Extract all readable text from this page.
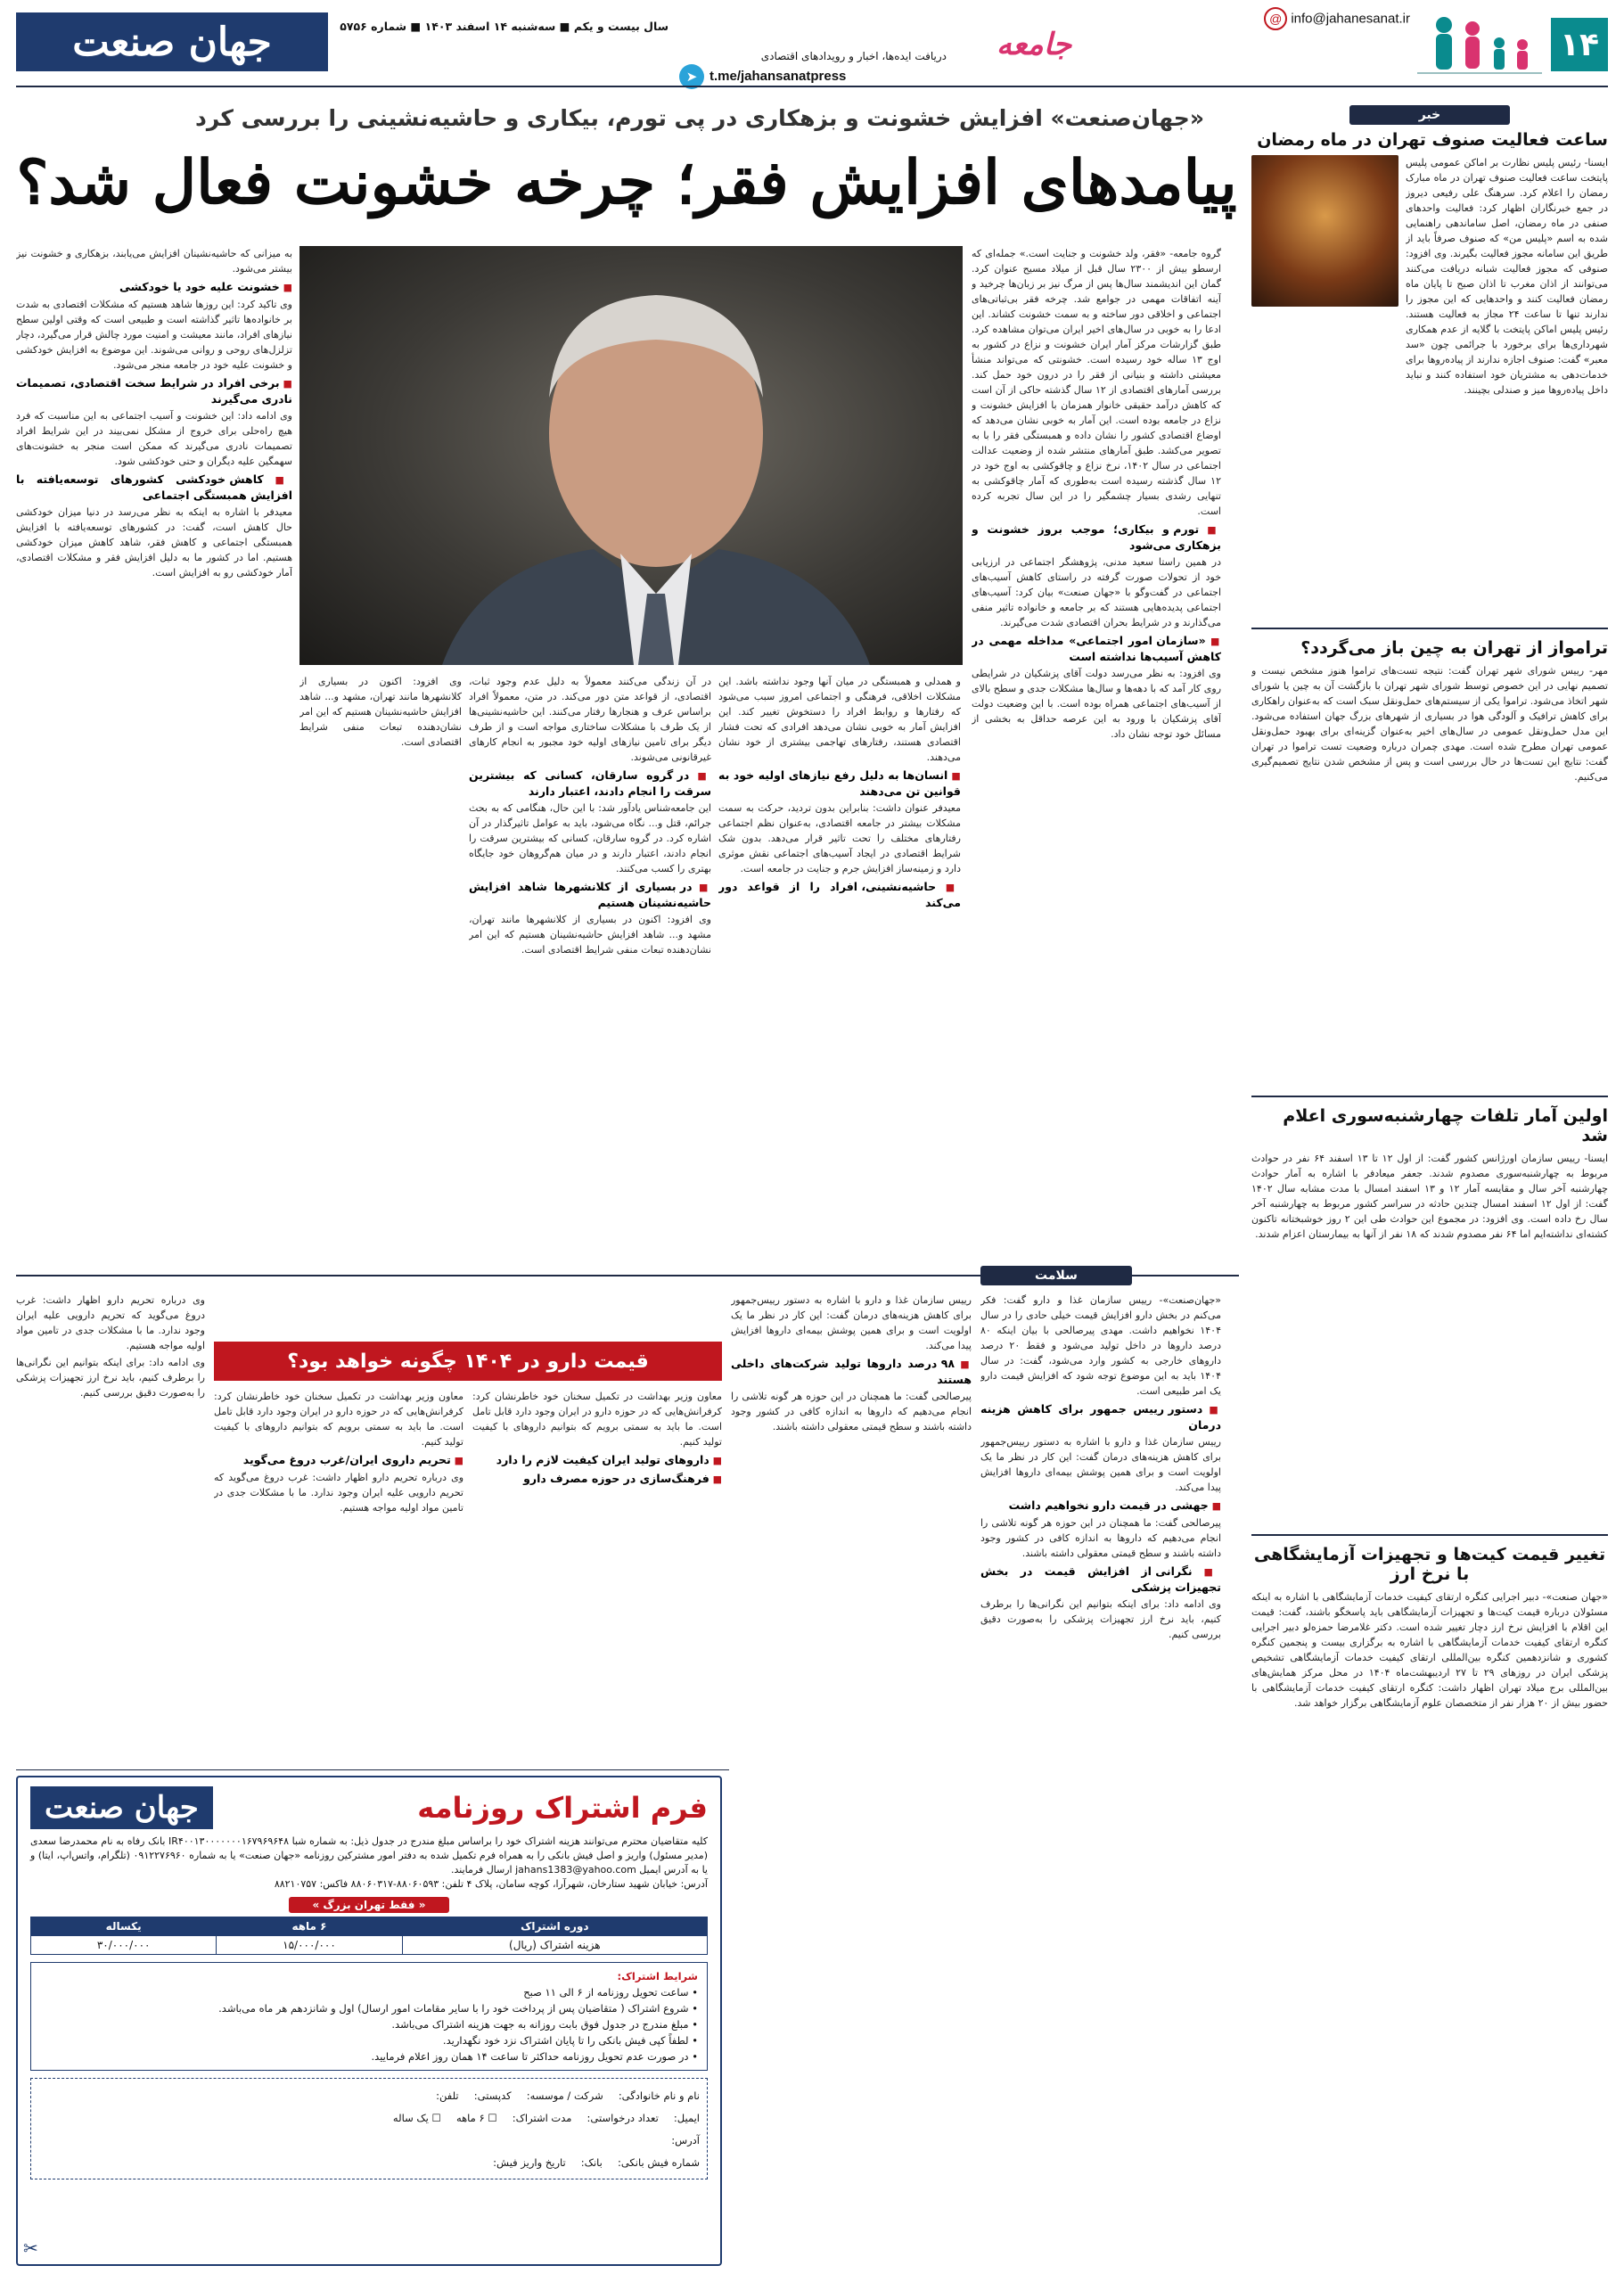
۱۴
@ info@jahanesanat.ir
جامعه
دریافت ایده‌ها، اخبار و رویدادهای اقتصادی
t.me/jahansanatpress
➤
سال بیست و یکم ■ سه‌شنبه ۱۴ اسفند ۱۴۰۳ ■ شماره ۵۷۵۶
جهان صنعت
«جهان‌صنعت» افزایش خشونت و بزهکاری در پی تورم، بیکاری و حاشیه‌نشینی را بررسی کرد
پیامدهای افزایش فقر؛ چرخه خشونت فعال شد؟

گروه جامعه- «فقر، ولد خشونت و جنایت است.» جمله‌ای که ارسطو بیش از ۲۳۰۰ سال قبل از میلاد مسیح عنوان کرد. گمان این اندیشمند سال‌ها پس از مرگ نیز بر زبان‌ها چرخید و آینه اتفاقات مهمی در جوامع شد. چرخه فقر بی‌ثباتی‌های اجتماعی و اخلاقی دور ساخته و به سمت خشونت کشاند. این ادعا را به خوبی در سال‌های اخیر ایران می‌توان مشاهده کرد. طبق گزارشات مرکز آمار ایران خشونت و نزاع در کشور به اوج ۱۳ ساله خود رسیده است. خشونتی که می‌تواند منشأ معیشتی داشته و بنیانی از فقر را در درون خود حمل کند. بررسی آمارهای اقتصادی از ۱۲ سال گذشته حاکی از آن است که کاهش درآمد حقیقی خانوار همزمان با افزایش خشونت و نزاع در جامعه بوده است. این آمار به خوبی نشان می‌دهد که اوضاع اقتصادی کشور را نشان داده و همبستگی فقر را با به تصویر می‌کشد. طبق آمارهای منتشر شده از وضعیت عدالت اجتماعی در سال ۱۴۰۲، نرخ نزاع و چاقوکشی به اوج خود در ۱۲ سال گذشته رسیده است به‌طوری که آمار چاقوکشی به تنهایی رشدی بسیار چشمگیر را در این سال تجربه کرده است.

■ تورم و بیکاری؛ موجب بروز خشونت و بزهکاری می‌شود

در همین راستا سعید مدنی، پژوهشگر اجتماعی در ارزیابی خود از تحولات صورت گرفته در راستای کاهش آسیب‌های اجتماعی در گفت‌وگو با «جهان صنعت» بیان کرد: آسیب‌های اجتماعی پدیده‌هایی هستند که بر جامعه و خانواده تاثیر منفی می‌گذارند و در شرایط بحران اقتصادی شدت می‌گیرند.

■ «سازمان امور اجتماعی» مداخله مهمی در کاهش آسیب‌ها نداشته است

وی افزود: به نظر می‌رسد دولت آقای پزشکیان در شرایطی روی کار آمد که با دهه‌ها و سال‌ها مشکلات جدی و سطح بالای از آسیب‌های اجتماعی همراه بوده است. با این وضعیت دولت آقای پزشکیان با ورود به این عرصه حداقل به بخشی از مسائل خود توجه نشان داد.

و همدلی و همبستگی در میان آنها وجود نداشته باشد. این مشکلات اخلاقی، فرهنگی و اجتماعی امروز سبب می‌شود که رفتارها و روابط افراد را دستخوش تغییر کند. این افزایش آمار به خوبی نشان می‌دهد افرادی که تحت فشار اقتصادی هستند، رفتارهای تهاجمی بیشتری از خود نشان می‌دهند.

■ انسان‌ها به دلیل رفع نیازهای اولیه خود به قوانین تن می‌دهند

معیدفر عنوان داشت: بنابراین بدون تردید، حرکت به سمت مشکلات بیشتر در جامعه اقتصادی، به‌عنوان نظم اجتماعی رفتارهای مختلف را تحت تاثیر قرار می‌دهد. بدون شک شرایط اقتصادی در ایجاد آسیب‌های اجتماعی نقش موثری دارد و زمینه‌ساز افزایش جرم و جنایت در جامعه است.

■ حاشیه‌نشینی، افراد را از قواعد دور می‌کند

در آن زندگی می‌کنند معمولاً به دلیل عدم وجود ثبات، اقتصادی، از قواعد متن دور می‌کند. در متن، معمولاً افراد براساس عرف و هنجارها رفتار می‌کنند. این حاشیه‌نشینی‌ها از یک طرف با مشکلات ساختاری مواجه است و از طرف دیگر برای تامین نیازهای اولیه خود مجبور به انجام کارهای غیرقانونی می‌شوند.

■ در گروه سارقان، کسانی که بیشترین سرقت را انجام دادند، اعتبار دارند

این جامعه‌شناس یادآور شد: با این حال، هنگامی که به بحث جرائم، قتل و... نگاه می‌شود، باید به عوامل تاثیرگذار در آن اشاره کرد. در گروه سارقان، کسانی که بیشترین سرقت را انجام دادند، اعتبار دارند و در میان هم‌گروهان خود جایگاه بهتری را کسب می‌کنند.

■ در بسیاری از کلانشهرها شاهد افزایش حاشیه‌نشینان هستیم

وی افزود: اکنون در بسیاری از کلانشهرها مانند تهران، مشهد و... شاهد افزایش حاشیه‌نشینان هستیم که این امر نشان‌دهنده تبعات منفی شرایط اقتصادی است.

وی افزود: اکنون در بسیاری از کلانشهرها مانند تهران، مشهد و... شاهد افزایش حاشیه‌نشینان هستیم که این امر نشان‌دهنده تبعات منفی شرایط اقتصادی است.

به میزانی که حاشیه‌نشینان افزایش می‌یابند، بزهکاری و خشونت نیز بیشتر می‌شود.

■ خشونت علیه خود یا خودکشی

وی تاکید کرد: این روزها شاهد هستیم که مشکلات اقتصادی به شدت بر خانواده‌ها تاثیر گذاشته است و طبیعی است که وقتی اولین سطح نیازهای افراد، مانند معیشت و امنیت مورد چالش قرار می‌گیرد، دچار تزلزل‌های روحی و روانی می‌شوند. این موضوع به افزایش خودکشی و خشونت علیه خود در جامعه منجر می‌شود.

■ برخی افراد در شرایط سخت اقتصادی، تصمیمات نادری می‌گیرند

وی ادامه داد: این خشونت و آسیب اجتماعی به این مناسبت که فرد هیچ راه‌حلی برای خروج از مشکل نمی‌بیند در این شرایط افراد تصمیمات نادری می‌گیرند که ممکن است منجر به خشونت‌های سهمگین علیه دیگران و حتی خودکشی شود.

■ کاهش خودکشی کشورهای توسعه‌یافته با افزایش همبستگی اجتماعی

معیدفر با اشاره به اینکه به نظر می‌رسد در دنیا میزان خودکشی حال کاهش است، گفت: در کشورهای توسعه‌یافته با افزایش همبستگی اجتماعی و کاهش فقر، شاهد کاهش میزان خودکشی هستیم. اما در کشور ما به دلیل افزایش فقر و مشکلات اقتصادی، آمار خودکشی رو به افزایش است.

خبر
ساعت فعالیت صنوف تهران در ماه رمضان
ایسنا- رئیس پلیس نظارت بر اماکن عمومی پلیس پایتخت ساعت فعالیت صنوف تهران در ماه مبارک رمضان را اعلام کرد. سرهنگ علی رفیعی دیروز در جمع خبرنگاران اظهار کرد: فعالیت واحدهای صنفی در ماه رمضان، اصل ساماندهی راهنمایی شده به اسم «پلیس من» که صنوف صرفاً باید از طریق این سامانه مجوز فعالیت بگیرند. وی افزود: صنوفی که مجوز فعالیت شبانه دریافت می‌کنند می‌توانند از اذان مغرب تا اذان صبح تا پایان ماه رمضان فعالیت کنند و واحدهایی که این مجوز را ندارند تنها تا ساعت ۲۴ مجاز به فعالیت هستند. رئیس پلیس اماکن پایتخت با گلایه از عدم همکاری شهرداری‌ها برای برخورد با جرائمی چون «سد معبر» گفت: صنوف اجازه ندارند از پیاده‌روها برای خدمات‌دهی به مشتریان خود استفاده کنند و نباید داخل پیاده‌روها میز و صندلی بچینند.
ترامواز از تهران به چین باز می‌گردد؟
مهر- رییس شورای شهر تهران گفت: نتیجه تست‌های تراموا هنوز مشخص نیست و تصمیم نهایی در این خصوص توسط شورای شهر تهران با بازگشت آن به چین یا شورای شهر اتخاذ می‌شود. تراموا یکی از سیستم‌های حمل‌ونقل سبک است که به‌عنوان راهکاری برای کاهش ترافیک و آلودگی هوا در بسیاری از شهرهای بزرگ جهان استفاده می‌شود. این مدل حمل‌ونقل عمومی در سال‌های اخیر به‌عنوان گزینه‌ای برای بهبود حمل‌ونقل عمومی تهران مطرح شده است. مهدی چمران درباره وضعیت تست تراموا در تهران گفت: نتایج این تست‌ها در حال بررسی است و پس از مشخص شدن نتایج تصمیم‌گیری می‌کنیم.
اولین آمار تلفات چهارشنبه‌سوری اعلام شد
ایسنا- رییس سازمان اورژانس کشور گفت: از اول ۱۲ تا ۱۳ اسفند ۶۴ نفر در حوادث مربوط به چهارشنبه‌سوری مصدوم شدند. جعفر میعادفر با اشاره به آمار حوادث چهارشنبه آخر سال و مقایسه آمار ۱۲ و ۱۳ اسفند امسال با مدت مشابه سال ۱۴۰۲ گفت: از اول ۱۲ اسفند امسال چندین حادثه در سراسر کشور مربوط به چهارشنبه آخر سال رخ داده است. وی افزود: در مجموع این حوادث طی این ۲ روز خوشبختانه تاکنون کشته‌ای نداشته‌ایم اما ۶۴ نفر مصدوم شدند که ۱۸ نفر از آنها به بیمارستان اعزام شدند.
تغییر قیمت کیت‌ها و تجهیزات آزمایشگاهی با نرخ ارز
«جهان صنعت»- دبیر اجرایی کنگره ارتقای کیفیت خدمات آزمایشگاهی با اشاره به اینکه مسئولان درباره قیمت کیت‌ها و تجهیزات آزمایشگاهی باید پاسخگو باشند، گفت: قیمت این اقلام با افزایش نرخ ارز دچار تغییر شده است. دکتر غلامرضا حمزه‌لو دبیر اجرایی کنگره ارتقای کیفیت خدمات آزمایشگاهی با اشاره به برگزاری بیست و پنجمین کنگره کشوری و شانزدهمین کنگره بین‌المللی ارتقای کیفیت خدمات آزمایشگاهی تشخیص پزشکی ایران در روزهای ۲۹ تا ۲۷ اردیبهشت‌ماه ۱۴۰۴ در محل مرکز همایش‌های بین‌المللی برج میلاد تهران اظهار داشت: کنگره ارتقای کیفیت خدمات آزمایشگاهی با حضور بیش از ۲۰ هزار نفر از متخصصان علوم آزمایشگاهی برگزار خواهد شد.
سلامت

«جهان‌صنعت»- رییس سازمان غذا و دارو گفت: فکر می‌کنم در بخش دارو افزایش قیمت خیلی حادی را در سال ۱۴۰۴ نخواهیم داشت. مهدی پیرصالحی با بیان اینکه ۸۰ درصد داروها در داخل تولید می‌شود و فقط ۲۰ درصد داروهای خارجی به کشور وارد می‌شود، گفت: در سال ۱۴۰۴ باید به این موضوع توجه شود که افزایش قیمت دارو یک امر طبیعی است.

■ دستور رییس جمهور برای کاهش هزینه درمان

رییس سازمان غذا و دارو با اشاره به دستور رییس‌جمهور برای کاهش هزینه‌های درمان گفت: این کار در نظر ما یک اولویت است و برای همین پوشش بیمه‌ای داروها افزایش پیدا می‌کند.

■ جهشی در قیمت دارو نخواهیم داشت

پیرصالحی گفت: ما همچنان در این حوزه هر گونه تلاشی را انجام می‌دهیم که داروها به اندازه کافی در کشور وجود داشته باشند و سطح قیمتی معقولی داشته باشند.

■ نگرانی از افزایش قیمت در بخش تجهیزات پزشکی

وی ادامه داد: برای اینکه بتوانیم این نگرانی‌ها را برطرف کنیم، باید نرخ ارز تجهیزات پزشکی را به‌صورت دقیق بررسی کنیم.

رییس سازمان غذا و دارو با اشاره به دستور رییس‌جمهور برای کاهش هزینه‌های درمان گفت: این کار در نظر ما یک اولویت است و برای همین پوشش بیمه‌ای داروها افزایش پیدا می‌کند.

■ ۹۸ درصد داروها تولید شرکت‌های داخلی هستند

پیرصالحی گفت: ما همچنان در این حوزه هر گونه تلاشی را انجام می‌دهیم که داروها به اندازه کافی در کشور وجود داشته باشند و سطح قیمتی معقولی داشته باشند.

قیمت دارو در ۱۴۰۴ چگونه خواهد بود؟

معاون وزیر بهداشت در تکمیل سخنان خود خاطرنشان کرد: کرفرانش‌هایی که در حوزه دارو در ایران وجود دارد قابل تامل است. ما باید به سمتی برویم که بتوانیم داروهای با کیفیت تولید کنیم.

■ داروهای تولید ایران کیفیت لازم را دارد
■ فرهنگ‌سازی در حوزه مصرف دارو

معاون وزیر بهداشت در تکمیل سخنان خود خاطرنشان کرد: کرفرانش‌هایی که در حوزه دارو در ایران وجود دارد قابل تامل است. ما باید به سمتی برویم که بتوانیم داروهای با کیفیت تولید کنیم.

■ تحریم داروی ایران/غرب دروغ می‌گوید

وی درباره تحریم دارو اظهار داشت: غرب دروغ می‌گوید که تحریم دارویی علیه ایران وجود ندارد. ما با مشکلات جدی در تامین مواد اولیه مواجه هستیم.

وی درباره تحریم دارو اظهار داشت: غرب دروغ می‌گوید که تحریم دارویی علیه ایران وجود ندارد. ما با مشکلات جدی در تامین مواد اولیه مواجه هستیم.

وی ادامه داد: برای اینکه بتوانیم این نگرانی‌ها را برطرف کنیم، باید نرخ ارز تجهیزات پزشکی را به‌صورت دقیق بررسی کنیم.

فرم اشتراک روزنامه
جهان صنعت
کلیه متقاضیان محترم می‌توانند هزینه اشتراک خود را براساس مبلغ مندرج در جدول ذیل: به شماره شبا IR۴۰۰۱۳۰۰۰۰۰۰۰۱۶۷۹۶۹۶۴۸ بانک رفاه به نام محمدرضا سعدی (مدیر مسئول) واریز و اصل فیش بانکی را به همراه فرم تکمیل شده به دفتر امور مشترکین روزنامه «جهان صنعت» یا به شماره ۰۹۱۲۲۷۶۹۶۰ (تلگرام، واتس‌اپ، ایتا) و یا به آدرس ایمیل jahans1383@yahoo.com ارسال فرمایند.
آدرس: خیابان شهید ستارخان، شهرآرا، کوچه سامان، پلاک ۴ تلفن: ۸۸۰۶۰۵۹۳-۸۸۰۶۰۳۱۷ فاکس: ۸۸۲۱۰۷۵۷
« فقط تهران بزرگ »
دوره اشتراک	۶ ماهه	یکساله
هزینه اشتراک (ریال)	۱۵/۰۰۰/۰۰۰	۳۰/۰۰۰/۰۰۰
شرایط اشتراک:
• ساعت تحویل روزنامه از ۶ الی ۱۱ صبح
• شروع اشتراک ( متقاضیان پس از پرداخت خود را با سایر مقامات امور ارسال) اول و شانزدهم هر ماه می‌باشد.
• مبلغ مندرج در جدول فوق بابت روزانه به جهت هزینه اشتراک می‌باشد.
• لطفاً کپی فیش بانکی را تا پایان اشتراک نزد خود نگهدارید.
• در صورت عدم تحویل روزنامه حداکثر تا ساعت ۱۴ همان روز اعلام فرمایید.
نام و نام خانوادگی: شرکت / موسسه: کدپستی: تلفن:
ایمیل: تعداد درخواستی: مدت اشتراک: ☐ ۶ ماهه ☐ یک ساله
آدرس:
شماره فیش بانکی: بانک: تاریخ واریز فیش:
✂
